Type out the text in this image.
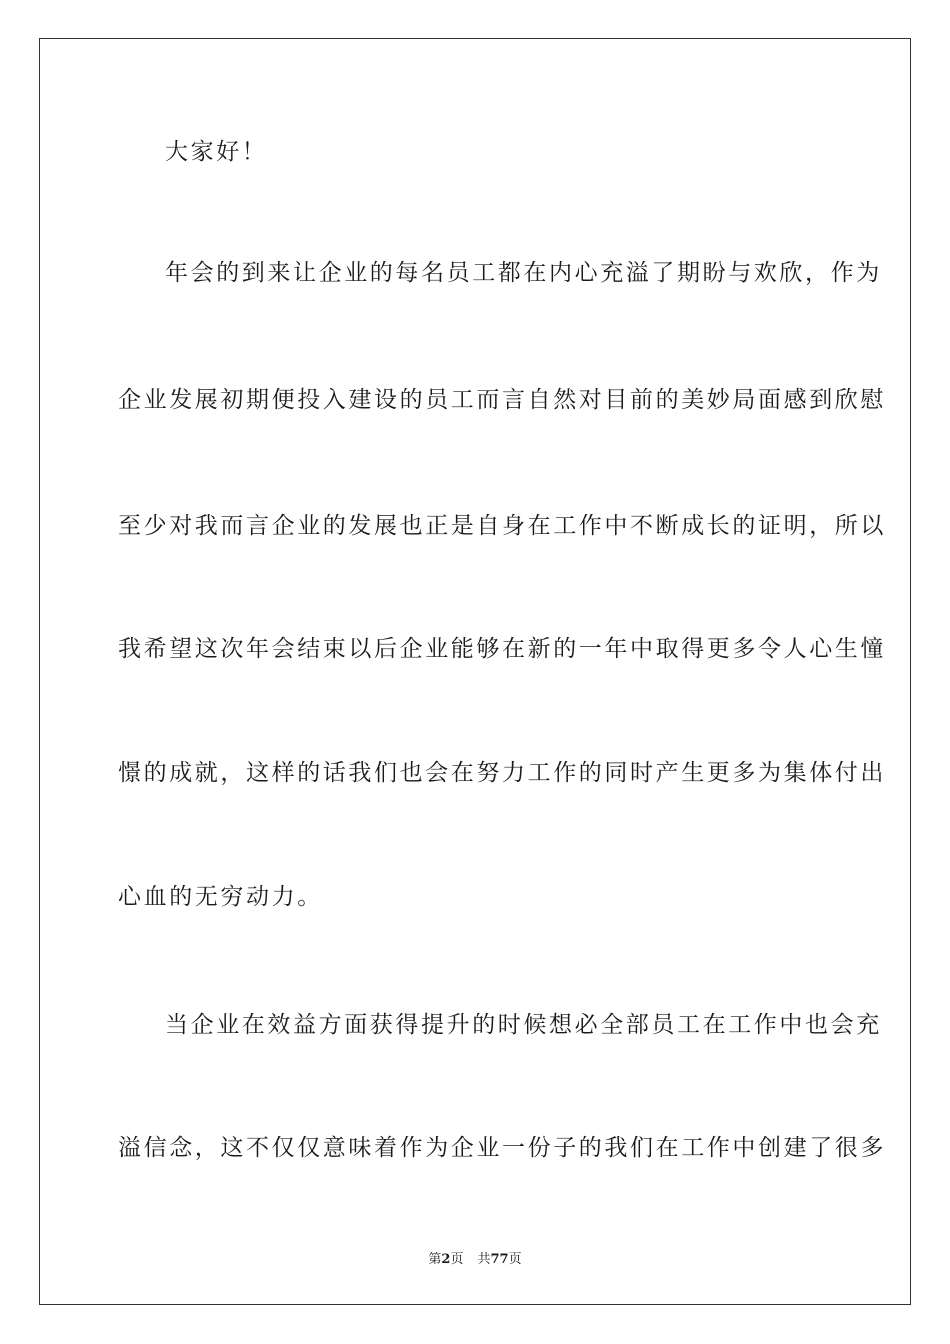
大家好！
年会的到来让企业的每名员工都在内心充溢了期盼与欢欣，作为
企业发展初期便投入建设的员工而言自然对目前的美妙局面感到欣慰
至少对我而言企业的发展也正是自身在工作中不断成长的证明，所以
我希望这次年会结束以后企业能够在新的一年中取得更多令人心生憧
憬的成就，这样的话我们也会在努力工作的同时产生更多为集体付出
心血的无穷动力。
当企业在效益方面获得提升的时候想必全部员工在工作中也会充
溢信念，这不仅仅意味着作为企业一份子的我们在工作中创建了很多
第2页 共77页
